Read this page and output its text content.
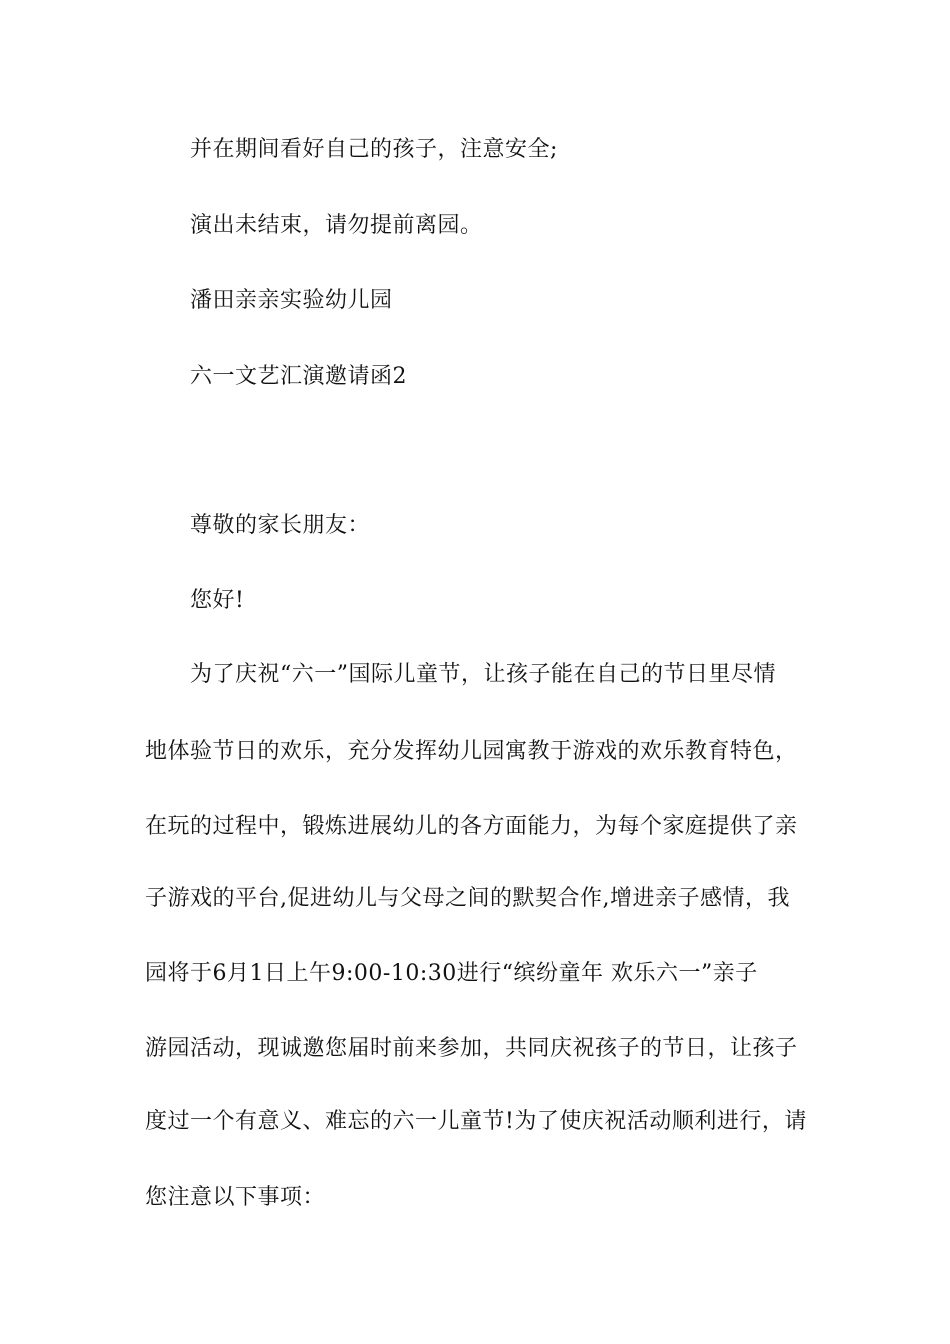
并在期间看好自己的孩子，注意安全;
演出未结束，请勿提前离园。
潘田亲亲实验幼儿园
六一文艺汇演邀请函2
尊敬的家长朋友：
您好!
为了庆祝“六一”国际儿童节，让孩子能在自己的节日里尽情
地体验节日的欢乐，充分发挥幼儿园寓教于游戏的欢乐教育特色，
在玩的过程中，锻炼进展幼儿的各方面能力，为每个家庭提供了亲
子游戏的平台,促进幼儿与父母之间的默契合作,增进亲子感情，我
园将于6月1日上午9:00-10:30进行“缤纷童年 欢乐六一”亲子
游园活动，现诚邀您届时前来参加，共同庆祝孩子的节日，让孩子
度过一个有意义、难忘的六一儿童节!为了使庆祝活动顺利进行，请
您注意以下事项：
